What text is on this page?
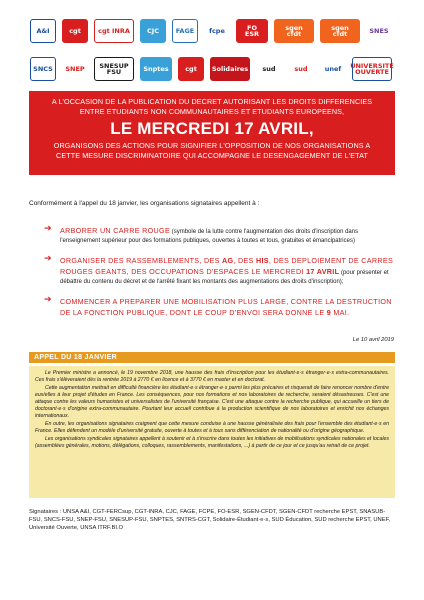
A&I	cgt	cgt INRA	CJC	FAGE	fcpe	FO ESR
sgen cfdt
sgen cfdt	SNES
SNCS	SNEP	SNESUP FSU	Snptes	cgt	Solidaires	sud	sud	unef	UNIVERSITÉ OUVERTE
A L'OCCASION DE LA PUBLICATION DU DECRET AUTORISANT LES DROITS DIFFERENCIES
ENTRE ETUDIANTS NON COMMUNAUTAIRES ET ETUDIANTS EUROPEENS,
LE MERCREDI 17 AVRIL,
ORGANISONS DES ACTIONS POUR SIGNIFIER L'OPPOSITION DE NOS ORGANISATIONS A
CETTE MESURE DISCRIMINATOIRE QUI ACCOMPAGNE LE DESENGAGEMENT DE L'ETAT
Conformément à l'appel du 18 janvier, les organisations signataires appellent à :
➔ ARBORER UN CARRE ROUGE (symbole de la lutte contre l'augmentation des droits d'inscription dans l'enseignement supérieur pour des formations publiques, ouvertes à toutes et tous, gratuites et émancipatrices)
➔ ORGANISER DES RASSEMBLEMENTS, DES AG, DES HIS, DES DEPLOIEMENT DE CARRES ROUGES GEANTS, DES OCCUPATIONS D'ESPACES LE MERCREDI 17 AVRIL (pour présenter et débattre du contenu du décret et de l'arrêté fixant les montants des augmentations des droits d'inscription);
➔ COMMENCER A PREPARER UNE MOBILISATION PLUS LARGE, CONTRE LA DESTRUCTION DE LA FONCTION PUBLIQUE, DONT LE COUP D'ENVOI SERA DONNE LE 9 MAI.
Le 10 avril 2019
APPEL DU 18 JANVIER

Le Premier ministre a annoncé, le 19 novembre 2018, une hausse des frais d'inscription pour les étudiant·e·s étranger·e·s extra-communautaires. Ces frais s'élèveraient dès la rentrée 2019 à 2770 € en licence et à 3770 € en master et en doctorat.

Cette augmentation mettrait en difficulté financière les étudiant·e·s étranger·e·s parmi les plus précaires et risquerait de faire renoncer nombre d'entre eux/elles à leur projet d'études en France. Les conséquences, pour nos formations et nos laboratoires de recherche, seraient désastreuses. C'est une attaque contre les valeurs humanistes et universalistes de l'université française. C'est une attaque contre la recherche publique, qui accueille un tiers de doctorant·e·s d'origine extra-communautaire. Pourtant leur accueil contribue à la production scientifique de nos laboratoires et enrichit nos échanges internationaux.

En outre, les organisations signataires craignent que cette mesure conduise à une hausse généralisée des frais pour l'ensemble des étudiant·e·s en France. Elles défendent un modèle d'université gratuite, ouverte à toutes et à tous sans différenciation de nationalité ou d'origine géographique.

Les organisations syndicales signataires appellent à soutenir et à s'inscrire dans toutes les initiatives de mobilisations syndicales nationales et locales (assemblées générales, motions, délégations, colloques, rassemblements, manifestations, ...) à partir de ce jour et ce jusqu'au retrait de ce projet.

Signataires : UNSA A&I, CGT-FERCsup, CGT-INRA, CJC, FAGE, FCPE, FO-ESR, SGEN-CFDT, SGEN-CFDT recherche EPST, SNASUB-FSU, SNCS-FSU, SNEP-FSU, SNESUP-FSU, SNPTES, SNTRS-CGT, Solidaire-Étudiant·e·s, SUD Éducation, SUD recherche EPST, UNEF, Université Ouverte, UNSA ITRF.BI.O
